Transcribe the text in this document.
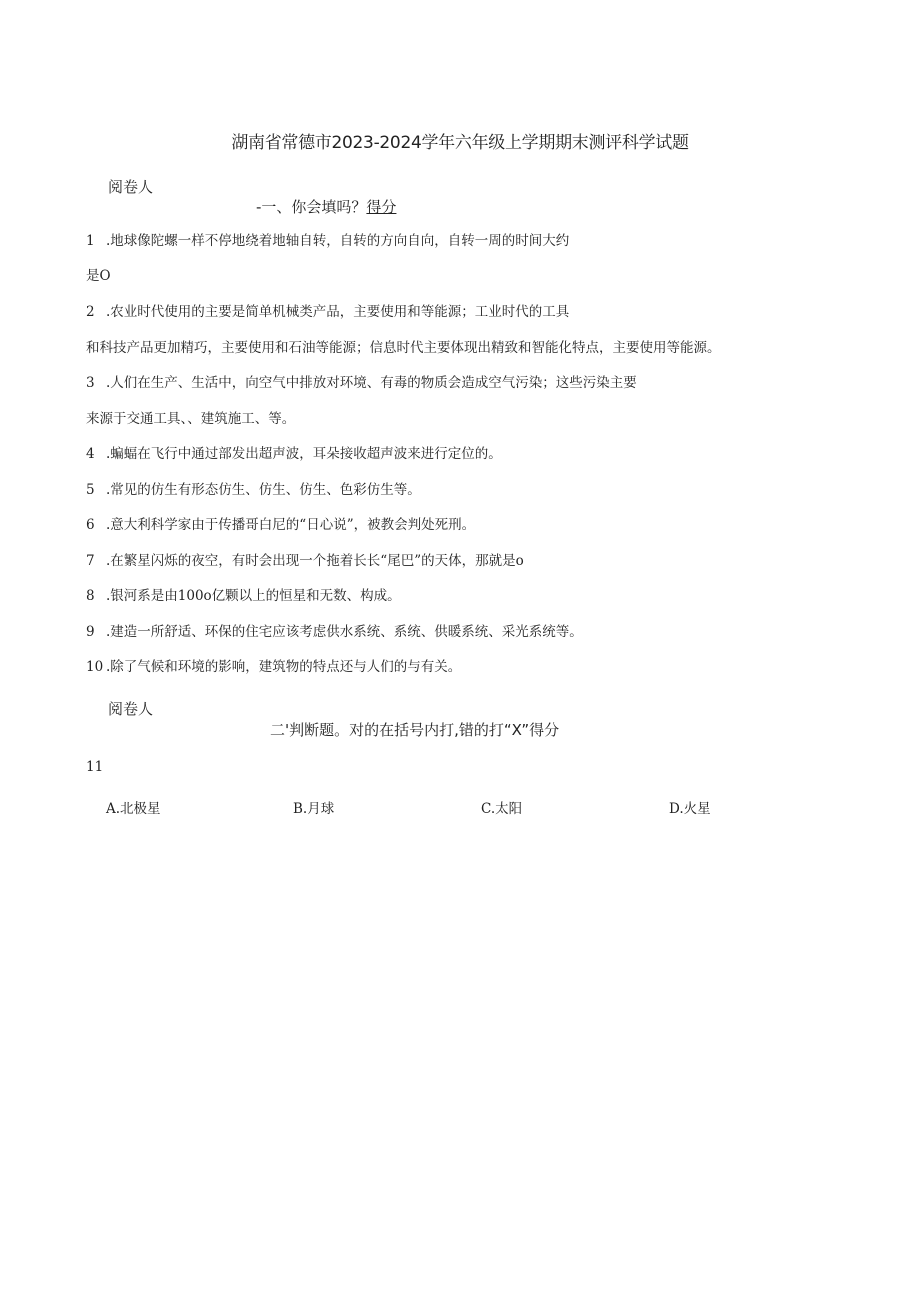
湖南省常德市2023-2024学年六年级上学期期末测评科学试题
阅卷人
-一、你会填吗？得分
1 .地球像陀螺一样不停地绕着地轴自转，自转的方向自向，自转一周的时间大约
是O
2 .农业时代使用的主要是简单机械类产品，主要使用和等能源；工业时代的工具
和科技产品更加精巧，主要使用和石油等能源；信息时代主要体现出精致和智能化特点，主要使用等能源。
3 .人们在生产、生活中，向空气中排放对环境、有毒的物质会造成空气污染；这些污染主要
来源于交通工具、、建筑施工、等。
4 .蝙蝠在飞行中通过部发出超声波，耳朵接收超声波来进行定位的。
5 .常见的仿生有形态仿生、仿生、仿生、色彩仿生等。
6 .意大利科学家由于传播哥白尼的“日心说”，被教会判处死刑。
7 .在繁星闪烁的夜空，有时会出现一个拖着长长“尾巴”的天体，那就是o
8 .银河系是由100o亿颗以上的恒星和无数、构成。
9 .建造一所舒适、环保的住宅应该考虑供水系统、系统、供暖系统、采光系统等。
10 .除了气候和环境的影响，建筑物的特点还与人们的与有关。
阅卷人
二'判断题。对的在括号内打,错的打“X”得分
11
A.北极星	B.月球	C.太阳	D.火星
